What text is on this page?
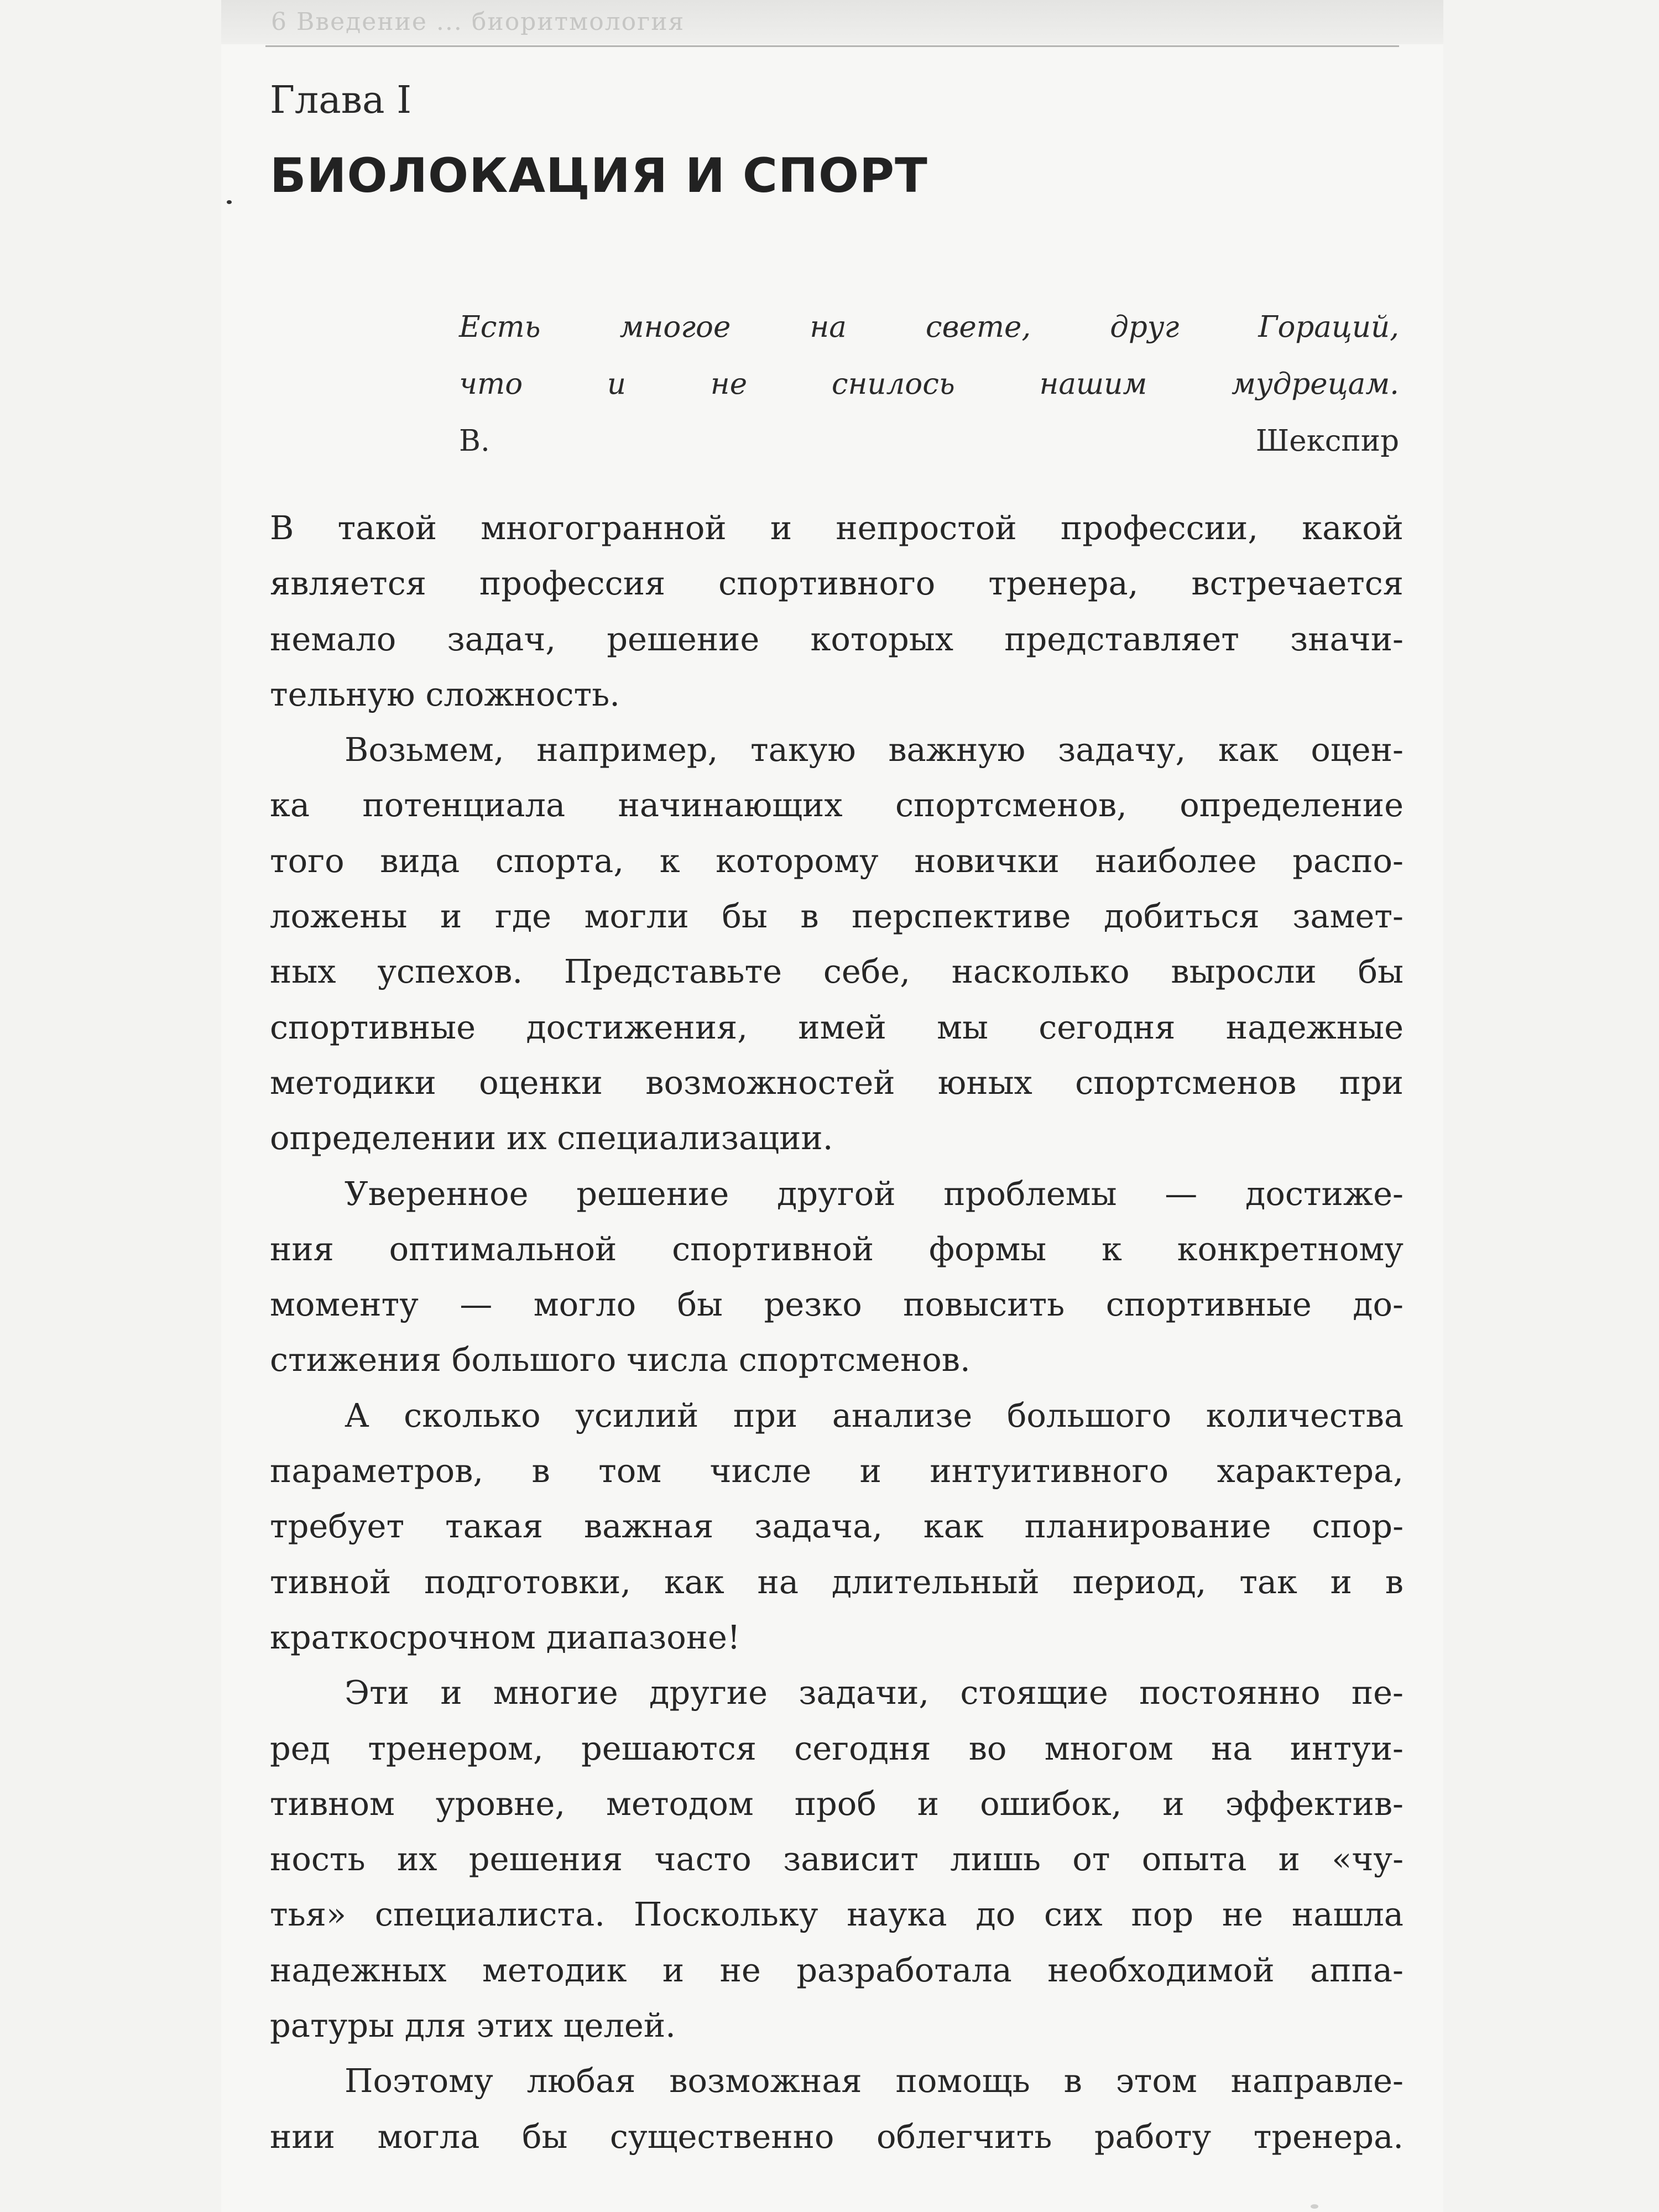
6 Введение ... биоритмология
Глава I
БИОЛОКАЦИЯ И СПОРТ
Есть многое на свете, друг Гораций,
что и не снилось нашим мудрецам.
В. Шекспир

В такой многогранной и непростой профессии, какой
является профессия спортивного тренера, встречается
немало задач, решение которых представляет значи-
тельную сложность.

Возьмем, например, такую важную задачу, как оцен-
ка потенциала начинающих спортсменов, определение
того вида спорта, к которому новички наиболее распо-
ложены и где могли бы в перспективе добиться замет-
ных успехов. Представьте себе, насколько выросли бы
спортивные достижения, имей мы сегодня надежные
методики оценки возможностей юных спортсменов при
определении их специализации.

Уверенное решение другой проблемы — достиже-
ния оптимальной спортивной формы к конкретному
моменту — могло бы резко повысить спортивные до-
стижения большого числа спортсменов.

А сколько усилий при анализе большого количества
параметров, в том числе и интуитивного характера,
требует такая важная задача, как планирование спор-
тивной подготовки, как на длительный период, так и в
краткосрочном диапазоне!

Эти и многие другие задачи, стоящие постоянно пе-
ред тренером, решаются сегодня во многом на интуи-
тивном уровне, методом проб и ошибок, и эффектив-
ность их решения часто зависит лишь от опыта и «чу-
тья» специалиста. Поскольку наука до сих пор не нашла
надежных методик и не разработала необходимой аппа-
ратуры для этих целей.

Поэтому любая возможная помощь в этом направле-
нии могла бы существенно облегчить работу тренера.
